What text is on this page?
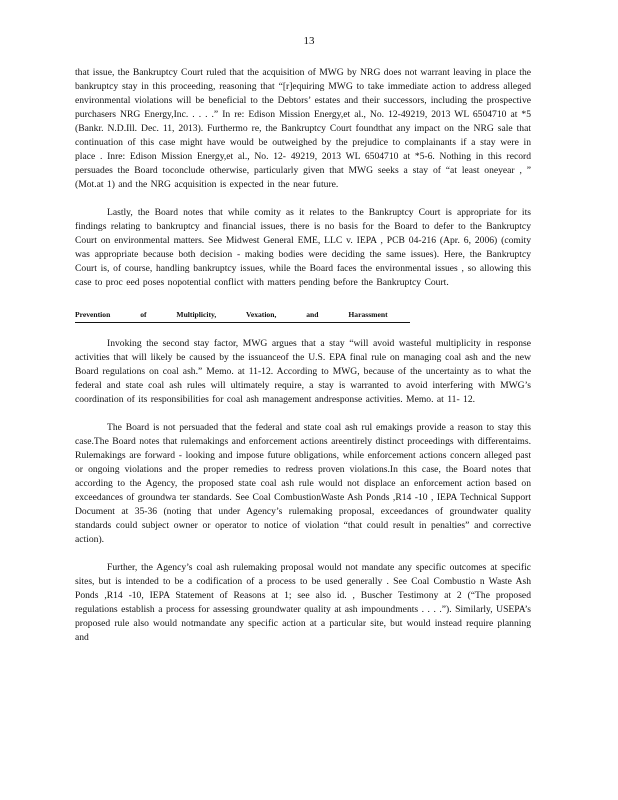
13

that issue, the Bankruptcy Court ruled that the acquisition of MWG by NRG does not warrant leaving in place the bankruptcy stay in this proceeding, reasoning that “[r]equiring MWG to take immediate action to address alleged environmental violations will be beneficial to the Debtors’ estates and their successors, including the prospective purchasers NRG Energy,Inc. . . . .” In re: Edison Mission Energy,et al., No. 12-49219, 2013 WL 6504710 at *5 (Bankr. N.D.Ill. Dec. 11, 2013). Furthermo re, the Bankruptcy Court foundthat any impact on the NRG sale that continuation of this case might have would be outweighed by the prejudice to complainants if a stay were in place . Inre: Edison Mission Energy,et al., No. 12- 49219, 2013 WL 6504710 at *5-6. Nothing in this record persuades the Board toconclude otherwise, particularly given that MWG seeks a stay of “at least oneyear , ” (Mot.at 1) and the NRG acquisition is expected in the near future.

Lastly, the Board notes that while comity as it relates to the Bankruptcy Court is appropriate for its findings relating to bankruptcy and financial issues, there is no basis for the Board to defer to the Bankruptcy Court on environmental matters. See Midwest General EME, LLC v. IEPA , PCB 04-216 (Apr. 6, 2006) (comity was appropriate because both decision - making bodies were deciding the same issues). Here, the Bankruptcy Court is, of course, handling bankruptcy issues, while the Board faces the environmental issues , so allowing this case to proc eed poses nopotential conflict with matters pending before the Bankruptcy Court.

Prevention of Multiplicity, Vexation, and Harassment

Invoking the second stay factor, MWG argues that a stay “will avoid wasteful multiplicity in response activities that will likely be caused by the issuanceof the U.S. EPA final rule on managing coal ash and the new Board regulations on coal ash.” Memo. at 11-12. According to MWG, because of the uncertainty as to what the federal and state coal ash rules will ultimately require, a stay is warranted to avoid interfering with MWG’s coordination of its responsibilities for coal ash management andresponse activities. Memo. at 11- 12.

The Board is not persuaded that the federal and state coal ash rul emakings provide a reason to stay this case.The Board notes that rulemakings and enforcement actions areentirely distinct proceedings with differentaims. Rulemakings are forward - looking and impose future obligations, while enforcement actions concern alleged past or ongoing violations and the proper remedies to redress proven violations.In this case, the Board notes that according to the Agency, the proposed state coal ash rule would not displace an enforcement action based on exceedances of groundwa ter standards. See Coal CombustionWaste Ash Ponds ,R14 -10 , IEPA Technical Support Document at 35-36 (noting that under Agency’s rulemaking proposal, exceedances of groundwater quality standards could subject owner or operator to notice of violation “that could result in penalties” and corrective action).

Further, the Agency’s coal ash rulemaking proposal would not mandate any specific outcomes at specific sites, but is intended to be a codification of a process to be used generally . See Coal Combustio n Waste Ash Ponds ,R14 -10, IEPA Statement of Reasons at 1; see also id. , Buscher Testimony at 2 (“The proposed regulations establish a process for assessing groundwater quality at ash impoundments . . . .”). Similarly, USEPA’s proposed rule also would notmandate any specific action at a particular site, but would instead require planning and
